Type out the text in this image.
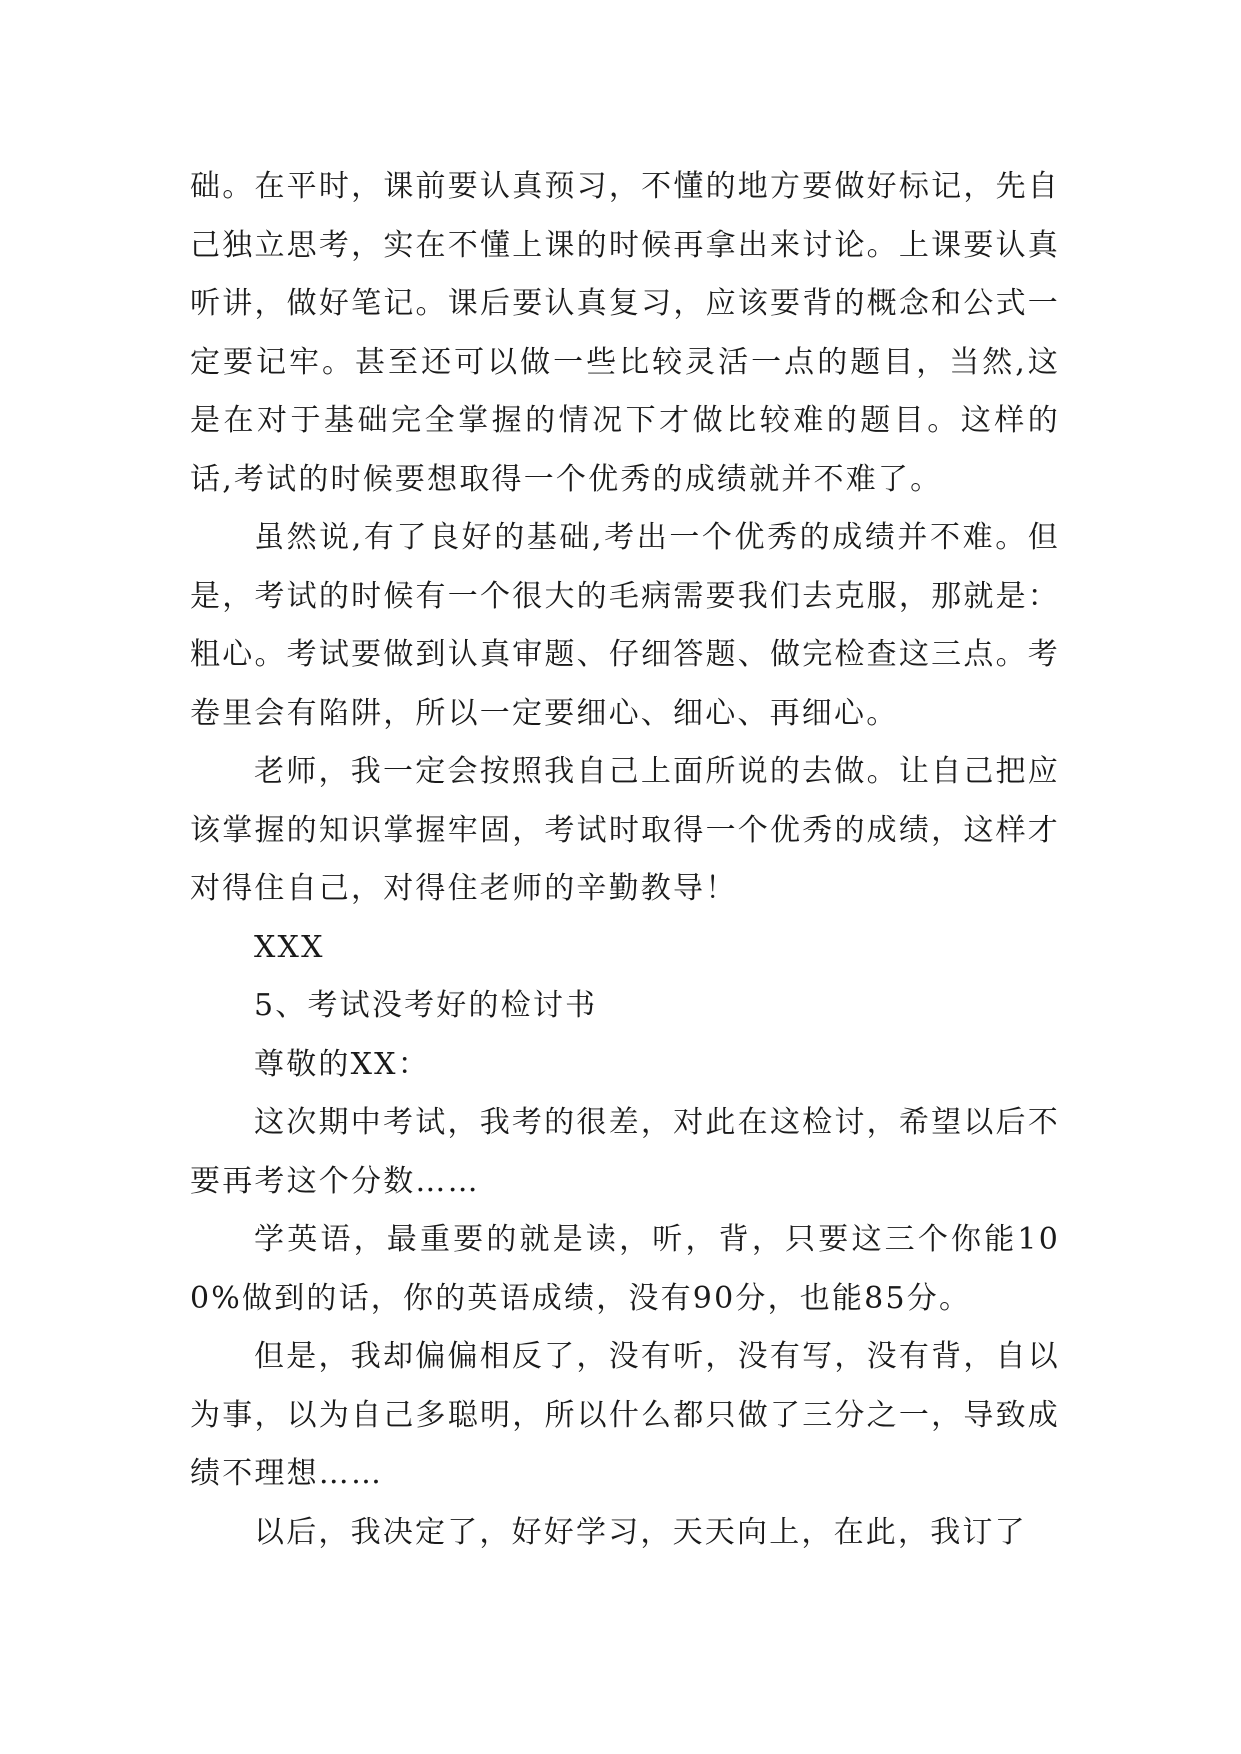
础。在平时，课前要认真预习，不懂的地方要做好标记，先自己独立思考，实在不懂上课的时候再拿出来讨论。上课要认真听讲，做好笔记。课后要认真复习，应该要背的概念和公式一定要记牢。甚至还可以做一些比较灵活一点的题目，当然,这是在对于基础完全掌握的情况下才做比较难的题目。这样的话,考试的时候要想取得一个优秀的成绩就并不难了。

虽然说,有了良好的基础,考出一个优秀的成绩并不难。但是，考试的时候有一个很大的毛病需要我们去克服，那就是：粗心。考试要做到认真审题、仔细答题、做完检查这三点。考卷里会有陷阱，所以一定要细心、细心、再细心。

老师，我一定会按照我自己上面所说的去做。让自己把应该掌握的知识掌握牢固，考试时取得一个优秀的成绩，这样才对得住自己，对得住老师的辛勤教导！

XXX

5、考试没考好的检讨书

尊敬的XX：

这次期中考试，我考的很差，对此在这检讨，希望以后不要再考这个分数……

学英语，最重要的就是读，听，背，只要这三个你能100%做到的话，你的英语成绩，没有90分，也能85分。

但是，我却偏偏相反了，没有听，没有写，没有背，自以为事，以为自己多聪明，所以什么都只做了三分之一，导致成绩不理想……

以后，我决定了，好好学习，天天向上，在此，我订了
